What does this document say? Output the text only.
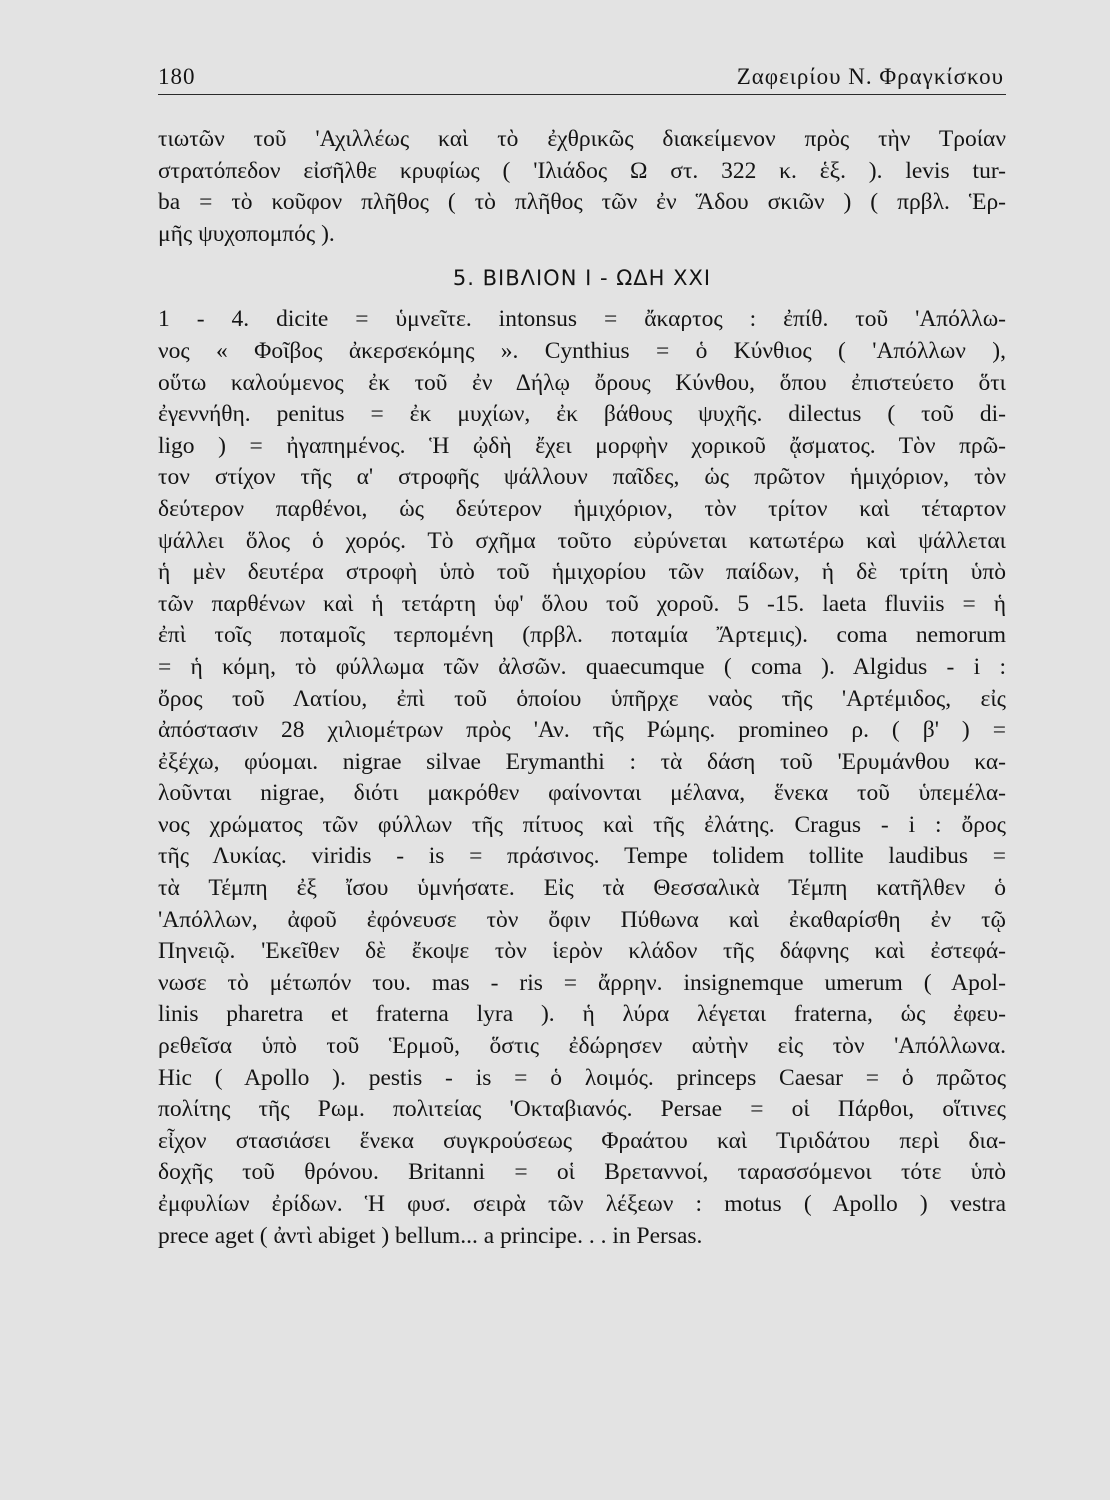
180	Ζαφειρίου Ν. Φραγκίσκου
τιωτῶν τοῦ 'Αχιλλέως καὶ τὸ ἐχθρικῶς διακείμενον πρὸς τὴν Τροίαν
στρατόπεδον εἰσῆλθε κρυφίως ( 'Ιλιάδος Ω στ. 322 κ. ἑξ. ). levis tur-
ba = τὸ κοῦφον πλῆθος ( τὸ πλῆθος τῶν ἐν Ἅδου σκιῶν ) ( πρβλ. Ἑρ-
μῆς ψυχοπομπός ).
5. ΒΙΒΛΙΟΝ Ι - ΩΔΗ XXI
1 - 4. dicite = ὑμνεῖτε. intonsus = ἄκαρτος : ἐπίθ. τοῦ 'Απόλλω-
νος « Φοῖβος ἀκερσεκόμης ». Cynthius = ὁ Κύνθιος ( 'Απόλλων ),
οὕτω καλούμενος ἐκ τοῦ ἐν Δήλῳ ὄρους Κύνθου, ὅπου ἐπιστεύετο ὅτι
ἐγεννήθη. penitus = ἐκ μυχίων, ἐκ βάθους ψυχῆς. dilectus ( τοῦ di-
ligo ) = ἠγαπημένος. Ἡ ᾠδὴ ἔχει μορφὴν χορικοῦ ᾄσματος. Τὸν πρῶ-
τον στίχον τῆς α' στροφῆς ψάλλουν παῖδες, ὡς πρῶτον ἡμιχόριον, τὸν
δεύτερον παρθένοι, ὡς δεύτερον ἡμιχόριον, τὸν τρίτον καὶ τέταρτον
ψάλλει ὅλος ὁ χορός. Τὸ σχῆμα τοῦτο εὐρύνεται κατωτέρω καὶ ψάλλεται
ἡ μὲν δευτέρα στροφὴ ὑπὸ τοῦ ἡμιχορίου τῶν παίδων, ἡ δὲ τρίτη ὑπὸ
τῶν παρθένων καὶ ἡ τετάρτη ὑφ' ὅλου τοῦ χοροῦ. 5 -15. laeta fluviis = ἡ
ἐπὶ τοῖς ποταμοῖς τερπομένη (πρβλ. ποταμία Ἄρτεμις). coma nemorum
= ἡ κόμη, τὸ φύλλωμα τῶν ἀλσῶν. quaecumque ( coma ). Algidus - i :
ὄρος τοῦ Λατίου, ἐπὶ τοῦ ὁποίου ὑπῆρχε ναὸς τῆς 'Αρτέμιδος, εἰς
ἀπόστασιν 28 χιλιομέτρων πρὸς 'Αν. τῆς Ρώμης. promineo ρ. ( β' ) =
ἐξέχω, φύομαι. nigrae silvae Erymanthi : τὰ δάση τοῦ 'Ερυμάνθου κα-
λοῦνται nigrae, διότι μακρόθεν φαίνονται μέλανα, ἕνεκα τοῦ ὑπεμέλα-
νος χρώματος τῶν φύλλων τῆς πίτυος καὶ τῆς ἐλάτης. Cragus - i : ὄρος
τῆς Λυκίας. viridis - is = πράσινος. Tempe tolidem tollite laudibus =
τὰ Τέμπη ἐξ ἴσου ὑμνήσατε. Εἰς τὰ Θεσσαλικὰ Τέμπη κατῆλθεν ὁ
'Απόλλων, ἀφοῦ ἐφόνευσε τὸν ὄφιν Πύθωνα καὶ ἐκαθαρίσθη ἐν τῷ
Πηνειῷ. 'Εκεῖθεν δὲ ἔκοψε τὸν ἱερὸν κλάδον τῆς δάφνης καὶ ἐστεφά-
νωσε τὸ μέτωπόν του. mas - ris = ἄρρην. insignemque umerum ( Apol-
linis pharetra et fraterna lyra ). ἡ λύρα λέγεται fraterna, ὡς ἐφευ-
ρεθεῖσα ὑπὸ τοῦ Ἑρμοῦ, ὅστις ἐδώρησεν αὐτὴν εἰς τὸν 'Απόλλωνα.
Hic ( Apollo ). pestis - is = ὁ λοιμός. princeps Caesar = ὁ πρῶτος
πολίτης τῆς Ρωμ. πολιτείας 'Οκταβιανός. Persae = οἱ Πάρθοι, οἵτινες
εἶχον στασιάσει ἕνεκα συγκρούσεως Φραάτου καὶ Τιριδάτου περὶ δια-
δοχῆς τοῦ θρόνου. Britanni = οἱ Βρεταννοί, ταρασσόμενοι τότε ὑπὸ
ἐμφυλίων ἐρίδων. Ἡ φυσ. σειρὰ τῶν λέξεων : motus ( Apollo ) vestra
prece aget ( ἀντὶ abiget ) bellum... a principe. . . in Persas.
